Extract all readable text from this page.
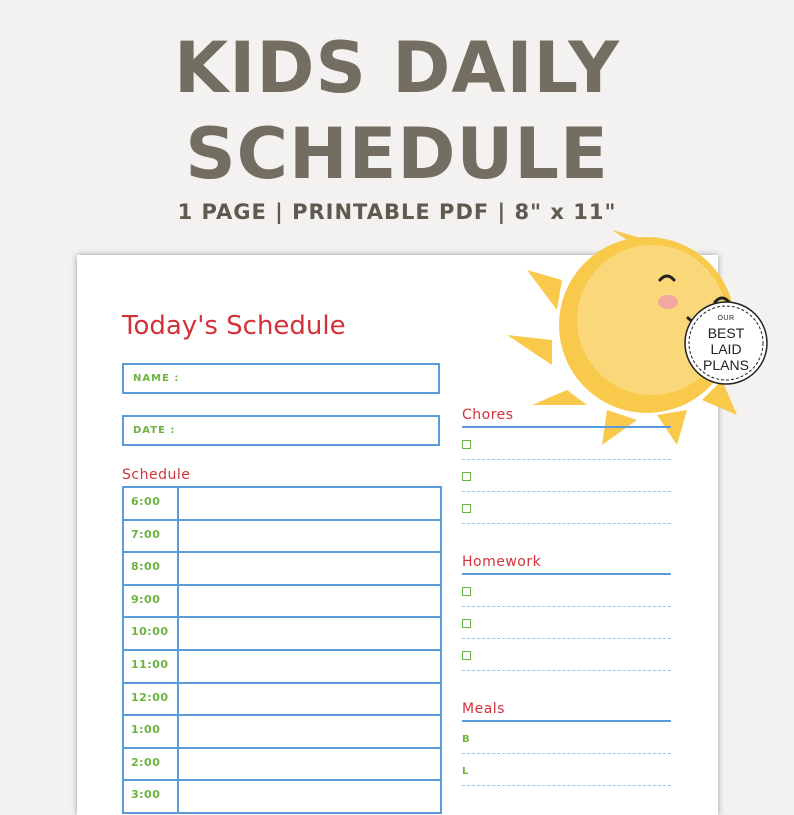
KIDS DAILY
SCHEDULE
1 PAGE | PRINTABLE PDF | 8" x 11"
OUR
BEST
LAID
PLANS
Today's Schedule
NAME :
DATE :
Schedule
6:00
7:00
8:00
9:00
10:00
11:00
12:00
1:00
2:00
3:00
Chores
Homework
Meals
B
L
